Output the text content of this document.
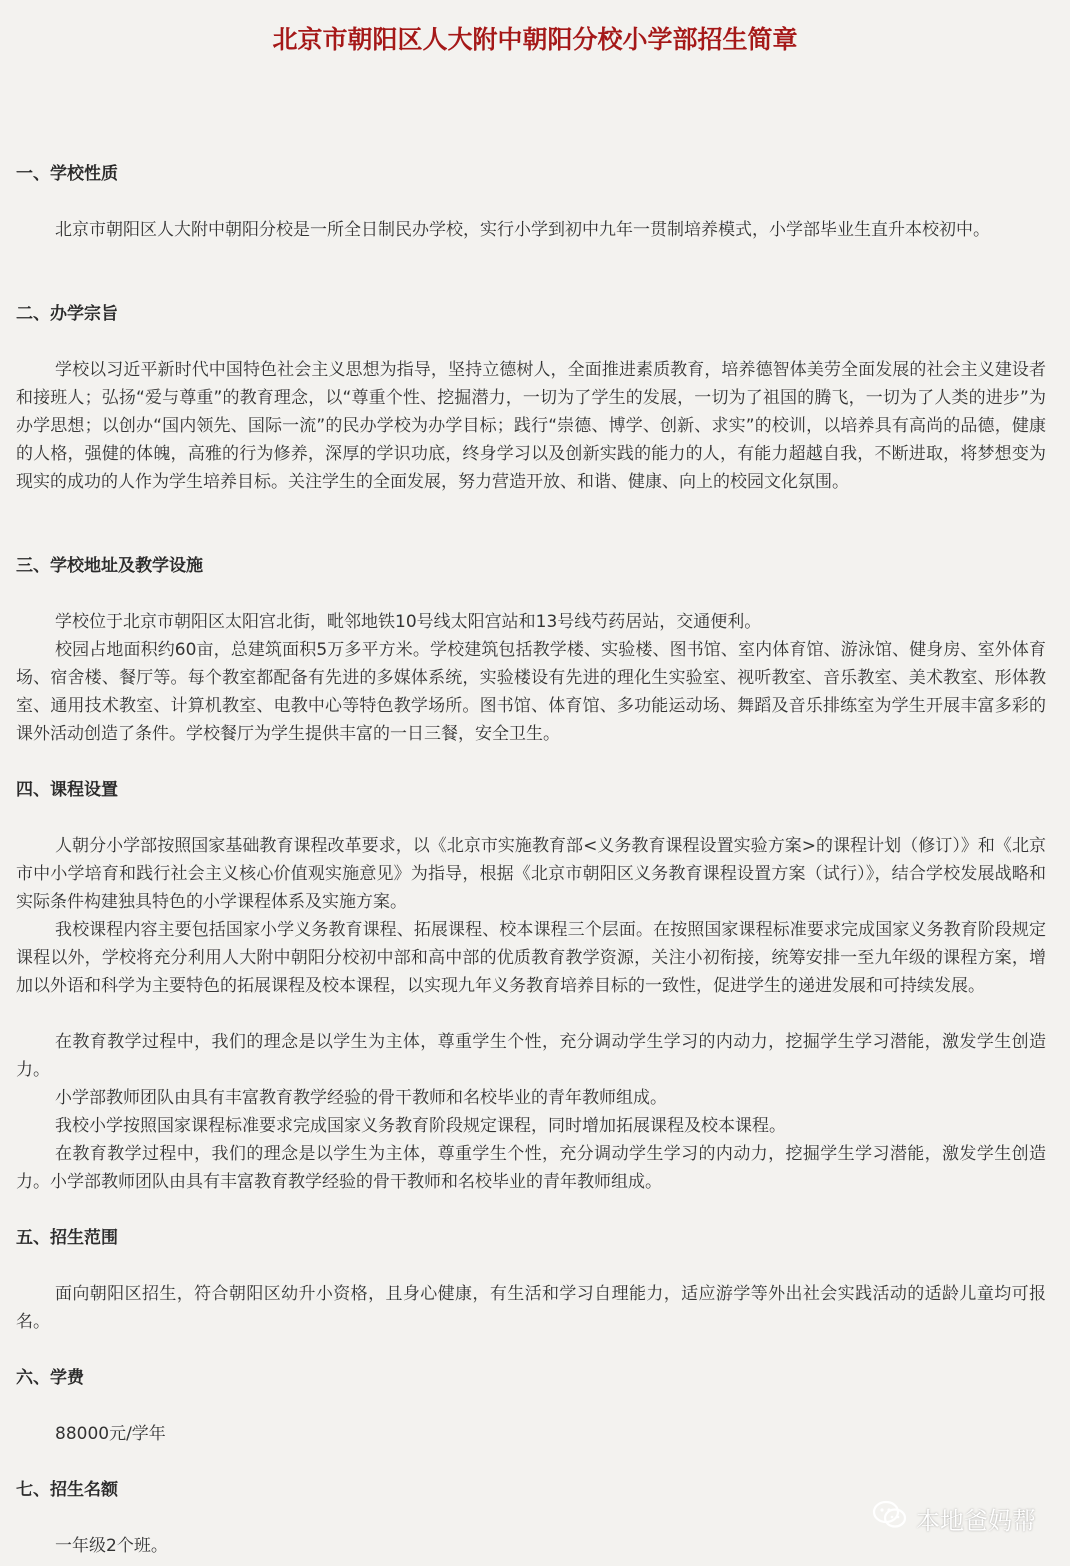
北京市朝阳区人大附中朝阳分校小学部招生简章
一、学校性质

北京市朝阳区人大附中朝阳分校是一所全日制民办学校，实行小学到初中九年一贯制培养模式，小学部毕业生直升本校初中。

二、办学宗旨

学校以习近平新时代中国特色社会主义思想为指导，坚持立德树人，全面推进素质教育，培养德智体美劳全面发展的社会主义建设者和接班人；弘扬“爱与尊重”的教育理念，以“尊重个性、挖掘潜力，一切为了学生的发展，一切为了祖国的腾飞，一切为了人类的进步”为办学思想；以创办“国内领先、国际一流”的民办学校为办学目标；践行“崇德、博学、创新、求实”的校训，以培养具有高尚的品德，健康的人格，强健的体魄，高雅的行为修养，深厚的学识功底，终身学习以及创新实践的能力的人，有能力超越自我，不断进取，将梦想变为现实的成功的人作为学生培养目标。关注学生的全面发展，努力营造开放、和谐、健康、向上的校园文化氛围。

三、学校地址及教学设施

学校位于北京市朝阳区太阳宫北街，毗邻地铁10号线太阳宫站和13号线芍药居站，交通便利。

校园占地面积约60亩，总建筑面积5万多平方米。学校建筑包括教学楼、实验楼、图书馆、室内体育馆、游泳馆、健身房、室外体育场、宿舍楼、餐厅等。每个教室都配备有先进的多媒体系统，实验楼设有先进的理化生实验室、视听教室、音乐教室、美术教室、形体教室、通用技术教室、计算机教室、电教中心等特色教学场所。图书馆、体育馆、多功能运动场、舞蹈及音乐排练室为学生开展丰富多彩的课外活动创造了条件。学校餐厅为学生提供丰富的一日三餐，安全卫生。

四、课程设置

人朝分小学部按照国家基础教育课程改革要求，以《北京市实施教育部<义务教育课程设置实验方案>的课程计划（修订）》和《北京市中小学培育和践行社会主义核心价值观实施意见》为指导，根据《北京市朝阳区义务教育课程设置方案（试行）》，结合学校发展战略和实际条件构建独具特色的小学课程体系及实施方案。

我校课程内容主要包括国家小学义务教育课程、拓展课程、校本课程三个层面。在按照国家课程标准要求完成国家义务教育阶段规定课程以外，学校将充分利用人大附中朝阳分校初中部和高中部的优质教育教学资源，关注小初衔接，统筹安排一至九年级的课程方案，增加以外语和科学为主要特色的拓展课程及校本课程，以实现九年义务教育培养目标的一致性，促进学生的递进发展和可持续发展。

在教育教学过程中，我们的理念是以学生为主体，尊重学生个性，充分调动学生学习的内动力，挖掘学生学习潜能，激发学生创造力。

小学部教师团队由具有丰富教育教学经验的骨干教师和名校毕业的青年教师组成。

我校小学按照国家课程标准要求完成国家义务教育阶段规定课程，同时增加拓展课程及校本课程。

在教育教学过程中，我们的理念是以学生为主体，尊重学生个性，充分调动学生学习的内动力，挖掘学生学习潜能，激发学生创造力。小学部教师团队由具有丰富教育教学经验的骨干教师和名校毕业的青年教师组成。

五、招生范围

面向朝阳区招生，符合朝阳区幼升小资格，且身心健康，有生活和学习自理能力，适应游学等外出社会实践活动的适龄儿童均可报名。

六、学费

88000元/学年

七、招生名额

一年级2个班。

本地爸妈帮
